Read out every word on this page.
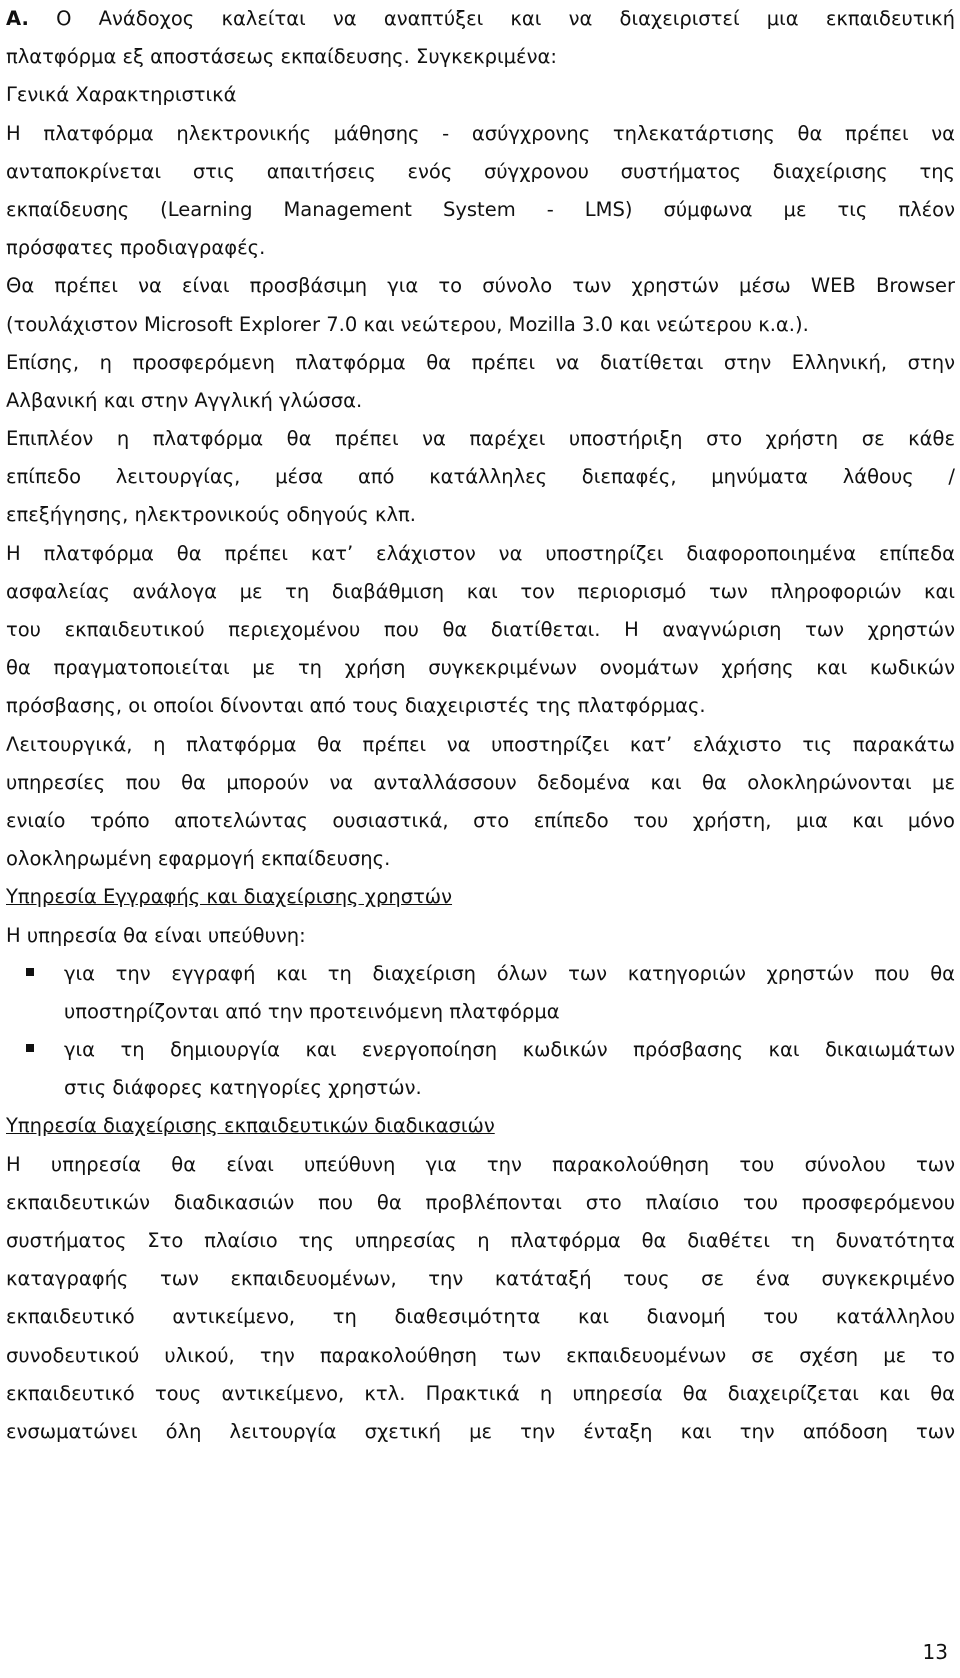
A. Ο Ανάδοχος καλείται να αναπτύξει και να διαχειριστεί μια εκπαιδευτική
πλατφόρμα εξ αποστάσεως εκπαίδευσης. Συγκεκριμένα:
Γενικά Χαρακτηριστικά
Η πλατφόρμα ηλεκτρονικής μάθησης - ασύγχρονης τηλεκατάρτισης θα πρέπει να
ανταποκρίνεται στις απαιτήσεις ενός σύγχρονου συστήματος διαχείρισης της
εκπαίδευσης (Learning Management System - LMS) σύμφωνα με τις πλέον
πρόσφατες προδιαγραφές.
Θα πρέπει να είναι προσβάσιμη για το σύνολο των χρηστών μέσω WEB Browser
(τουλάχιστον Microsoft Explorer 7.0 και νεώτερου, Mozilla 3.0 και νεώτερου κ.α.).
Επίσης, η προσφερόμενη πλατφόρμα θα πρέπει να διατίθεται στην Ελληνική, στην
Αλβανική και στην Αγγλική γλώσσα.
Επιπλέον η πλατφόρμα θα πρέπει να παρέχει υποστήριξη στο χρήστη σε κάθε
επίπεδο λειτουργίας, μέσα από κατάλληλες διεπαφές, μηνύματα λάθους /
επεξήγησης, ηλεκτρονικούς οδηγούς κλπ.
Η πλατφόρμα θα πρέπει κατ’ ελάχιστον να υποστηρίζει διαφοροποιημένα επίπεδα
ασφαλείας ανάλογα με τη διαβάθμιση και τον περιορισμό των πληροφοριών και
του εκπαιδευτικού περιεχομένου που θα διατίθεται. Η αναγνώριση των χρηστών
θα πραγματοποιείται με τη χρήση συγκεκριμένων ονομάτων χρήσης και κωδικών
πρόσβασης, οι οποίοι δίνονται από τους διαχειριστές της πλατφόρμας.
Λειτουργικά, η πλατφόρμα θα πρέπει να υποστηρίζει κατ’ ελάχιστο τις παρακάτω
υπηρεσίες που θα μπορούν να ανταλλάσσουν δεδομένα και θα ολοκληρώνονται με
ενιαίο τρόπο αποτελώντας ουσιαστικά, στο επίπεδο του χρήστη, μια και μόνο
ολοκληρωμένη εφαρμογή εκπαίδευσης.
Υπηρεσία Εγγραφής και διαχείρισης χρηστών
Η υπηρεσία θα είναι υπεύθυνη:
για την εγγραφή και τη διαχείριση όλων των κατηγοριών χρηστών που θα
υποστηρίζονται από την προτεινόμενη πλατφόρμα
για τη δημιουργία και ενεργοποίηση κωδικών πρόσβασης και δικαιωμάτων
στις διάφορες κατηγορίες χρηστών.
Υπηρεσία διαχείρισης εκπαιδευτικών διαδικασιών
Η υπηρεσία θα είναι υπεύθυνη για την παρακολούθηση του σύνολου των
εκπαιδευτικών διαδικασιών που θα προβλέπονται στο πλαίσιο του προσφερόμενου
συστήματος Στο πλαίσιο της υπηρεσίας η πλατφόρμα θα διαθέτει τη δυνατότητα
καταγραφής των εκπαιδευομένων, την κατάταξή τους σε ένα συγκεκριμένο
εκπαιδευτικό αντικείμενο, τη διαθεσιμότητα και διανομή του κατάλληλου
συνοδευτικού υλικού, την παρακολούθηση των εκπαιδευομένων σε σχέση με το
εκπαιδευτικό τους αντικείμενο, κτλ. Πρακτικά η υπηρεσία θα διαχειρίζεται και θα
ενσωματώνει όλη λειτουργία σχετική με την ένταξη και την απόδοση των
13
